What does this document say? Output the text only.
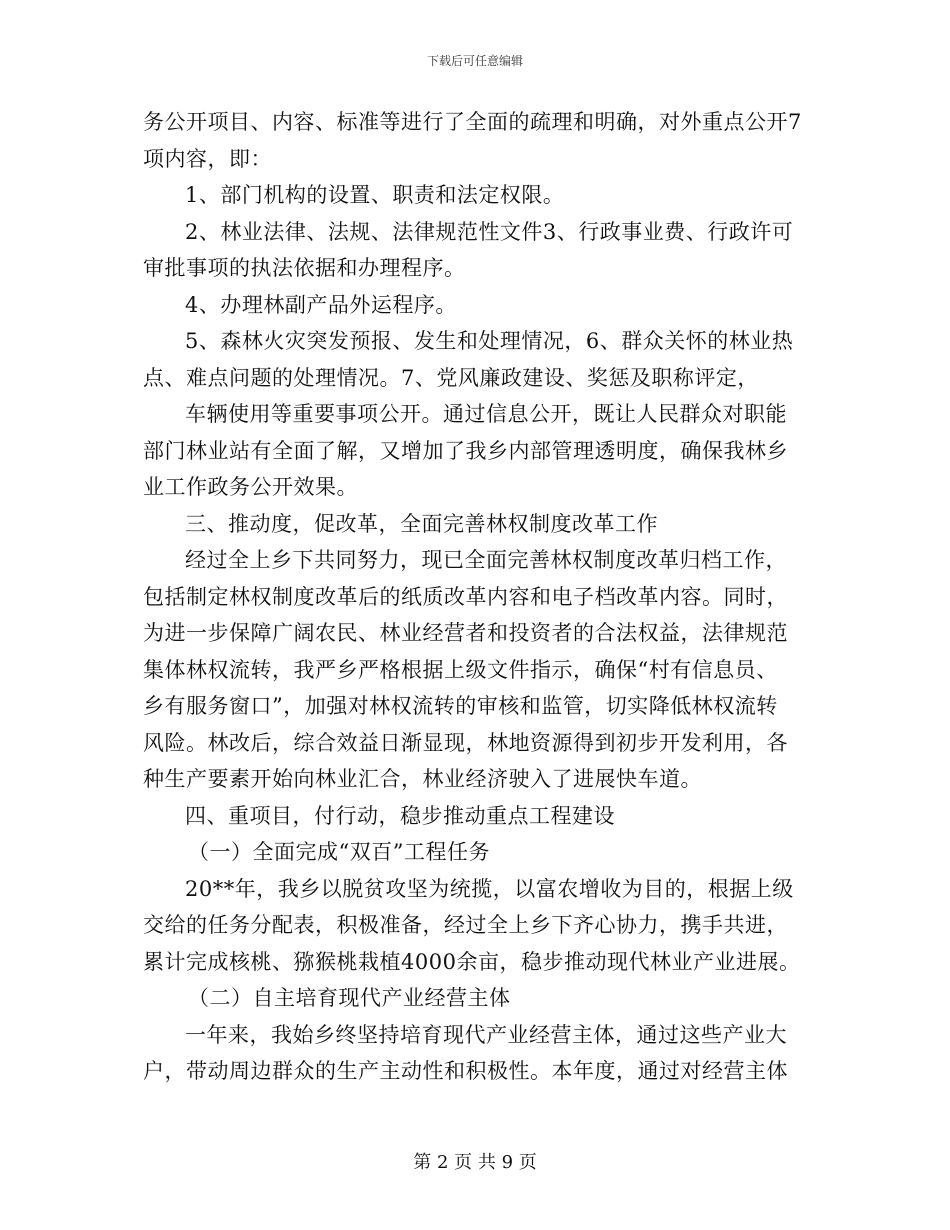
下载后可任意编辑
务公开项目、内容、标准等进行了全面的疏理和明确，对外重点公开7
项内容，即：
1、部门机构的设置、职责和法定权限。
2、林业法律、法规、法律规范性文件3、行政事业费、行政许可
审批事项的执法依据和办理程序。
4、办理林副产品外运程序。
5、森林火灾突发预报、发生和处理情况，6、群众关怀的林业热
点、难点问题的处理情况。7、党风廉政建设、奖惩及职称评定，
车辆使用等重要事项公开。通过信息公开，既让人民群众对职能
部门林业站有全面了解，又增加了我乡内部管理透明度，确保我林乡
业工作政务公开效果。
三、推动度，促改革，全面完善林权制度改革工作
经过全上乡下共同努力，现已全面完善林权制度改革归档工作，
包括制定林权制度改革后的纸质改革内容和电子档改革内容。同时，
为进一步保障广阔农民、林业经营者和投资者的合法权益，法律规范
集体林权流转，我严乡严格根据上级文件指示，确保“村有信息员、
乡有服务窗口”，加强对林权流转的审核和监管，切实降低林权流转
风险。林改后，综合效益日渐显现，林地资源得到初步开发利用，各
种生产要素开始向林业汇合，林业经济驶入了进展快车道。
四、重项目，付行动，稳步推动重点工程建设
（一）全面完成“双百”工程任务
20**年，我乡以脱贫攻坚为统揽，以富农增收为目的，根据上级
交给的任务分配表，积极准备，经过全上乡下齐心协力，携手共进，
累计完成核桃、猕猴桃栽植4000余亩，稳步推动现代林业产业进展。
（二）自主培育现代产业经营主体
一年来，我始乡终坚持培育现代产业经营主体，通过这些产业大
户，带动周边群众的生产主动性和积极性。本年度，通过对经营主体
第 2 页 共 9 页
